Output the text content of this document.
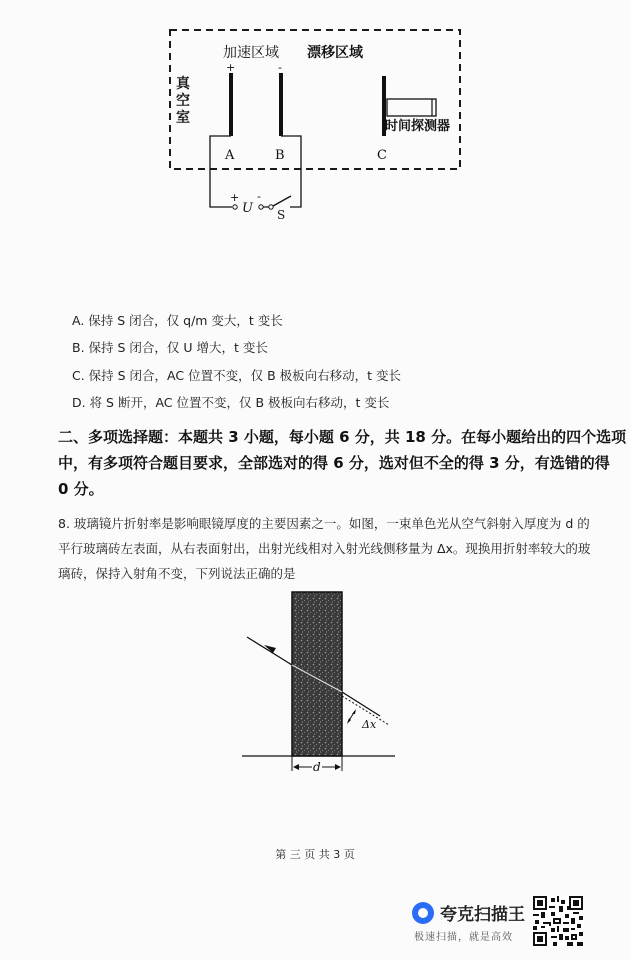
加速区域 漂移区域
+	-
A	B	C
时间探测器
+ -
U S
真空室
A. 保持 S 闭合，仅 q/m 变大，t 变长
B. 保持 S 闭合，仅 U 增大，t 变长
C. 保持 S 闭合，AC 位置不变，仅 B 极板向右移动，t 变长
D. 将 S 断开，AC 位置不变，仅 B 极板向右移动，t 变长
二、多项选择题：本题共 3 小题，每小题 6 分，共 18 分。在每小题给出的四个选项
中，有多项符合题目要求，全部选对的得 6 分，选对但不全的得 3 分，有选错的得
0 分。
8. 玻璃镜片折射率是影响眼镜厚度的主要因素之一。如图，一束单色光从空气斜射入厚度为 d 的
平行玻璃砖左表面，从右表面射出，出射光线相对入射光线侧移量为 Δx。现换用折射率较大的玻
璃砖，保持入射角不变，下列说法正确的是
Δx
d
第 三 页 共 3 页
夸克扫描王
极速扫描，就是高效
